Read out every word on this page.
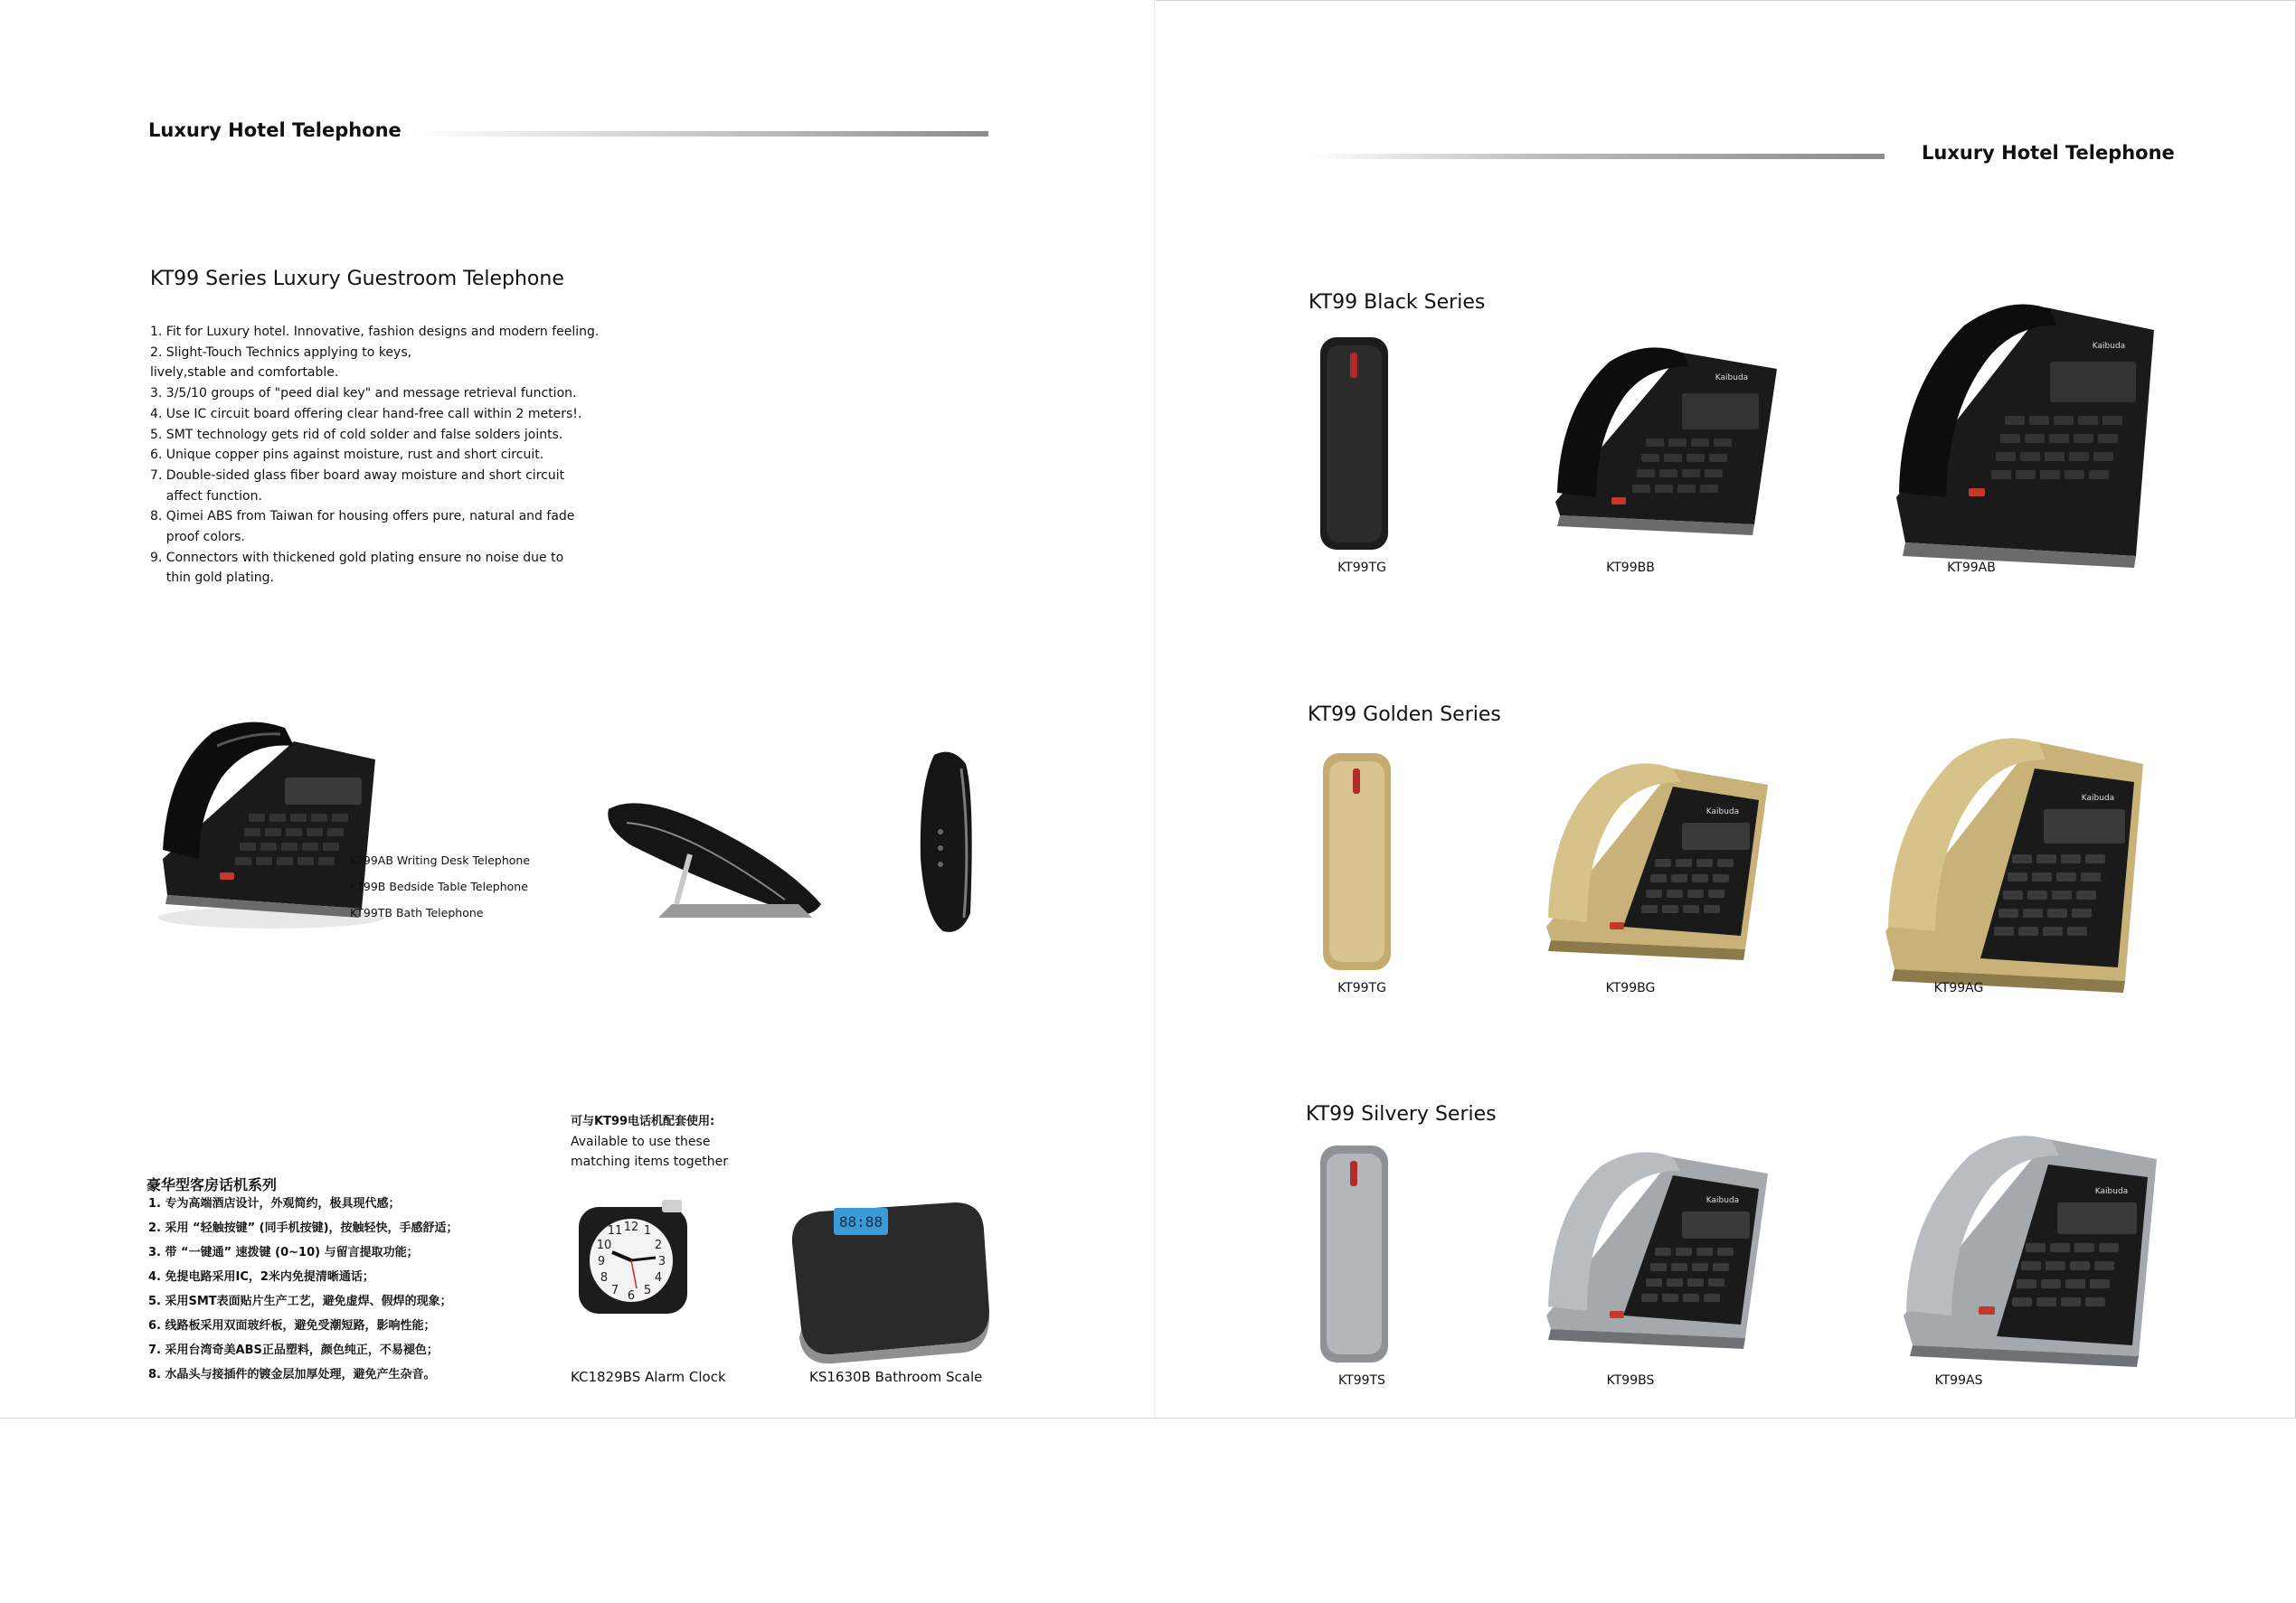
Luxury Hotel Telephone
KT99 Series Luxury Guestroom Telephone
1. Fit for Luxury hotel. Innovative, fashion designs and modern feeling.
2. Slight-Touch Technics applying to keys,
lively,stable and comfortable.
3. 3/5/10 groups of "peed dial key" and message retrieval function.
4. Use IC circuit board offering clear hand-free call within 2 meters!.
5. SMT technology gets rid of cold solder and false solders joints.
6. Unique copper pins against moisture, rust and short circuit.
7. Double-sided glass fiber board away moisture and short circuit
affect function.
8. Qimei ABS from Taiwan for housing offers pure, natural and fade
proof colors.
9. Connectors with thickened gold plating ensure no noise due to
thin gold plating.
KT99AB Writing Desk Telephone
KT99B Bedside Table Telephone
KT99TB Bath Telephone
豪华型客房话机系列
1. 专为高端酒店设计，外观简约，极具现代感；
2. 采用 “轻触按键” (同手机按键)，按触轻快，手感舒适；
3. 带 “一键通” 速拨键 (0~10) 与留言提取功能；
4. 免提电路采用IC，2米内免提清晰通话；
5. 采用SMT表面贴片生产工艺，避免虚焊、假焊的现象；
6. 线路板采用双面玻纤板，避免受潮短路，影响性能；
7. 采用台湾奇美ABS正品塑料，颜色纯正，不易褪色；
8. 水晶头与接插件的镀金层加厚处理，避免产生杂音。
可与KT99电话机配套使用:
Available to use these
matching items together
12
3
6
9
1
2
4
5
7
8
10
11
KC1829BS Alarm Clock
88:88
KS1630B Bathroom Scale
Luxury Hotel Telephone
KT99 Black Series
KT99TG
Kaibuda
KT99BB
Kaibuda
KT99AB
KT99 Golden Series
KT99TG
Kaibuda
KT99BG
Kaibuda
KT99AG
KT99 Silvery Series
KT99TS
Kaibuda
KT99BS
Kaibuda
KT99AS
